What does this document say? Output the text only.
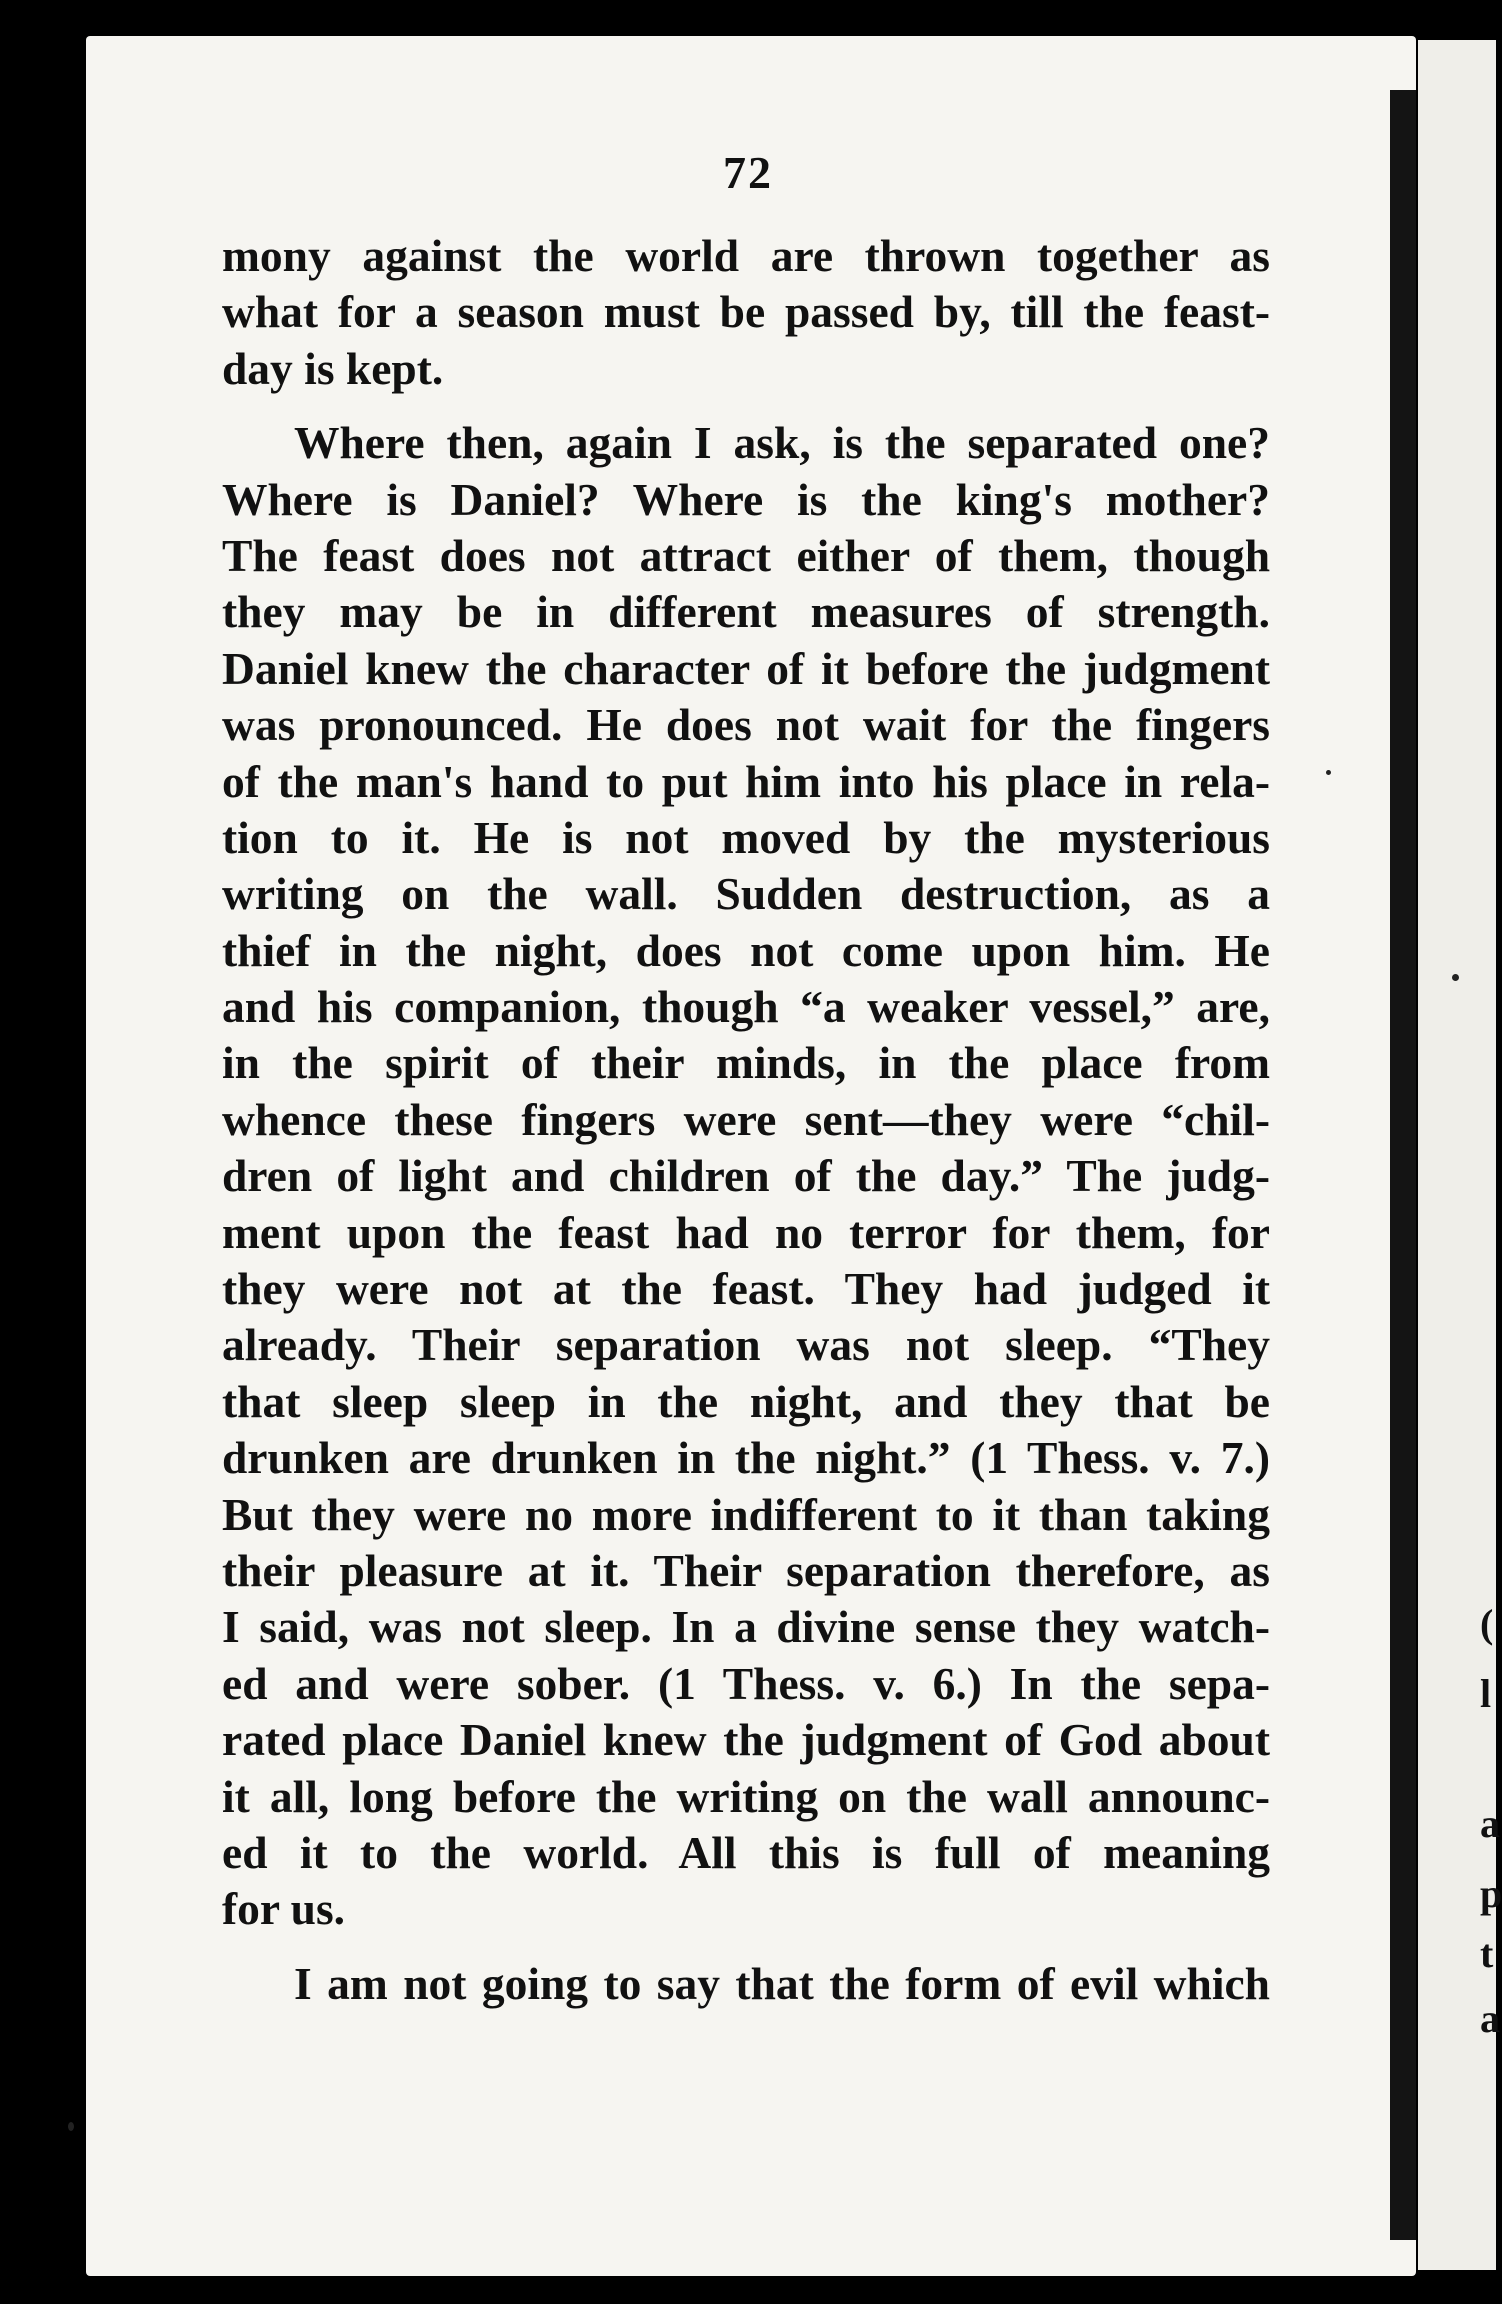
(
l
a
p
t
a
72
mony against the world are thrown together as
what for a season must be passed by, till the feast-
day is kept.
Where then, again I ask, is the separated one?
Where is Daniel? Where is the king's mother?
The feast does not attract either of them, though
they may be in different measures of strength.
Daniel knew the character of it before the judgment
was pronounced. He does not wait for the fingers
of the man's hand to put him into his place in rela-
tion to it. He is not moved by the mysterious
writing on the wall. Sudden destruction, as a
thief in the night, does not come upon him. He
and his companion, though “a weaker vessel,” are,
in the spirit of their minds, in the place from
whence these fingers were sent—they were “chil-
dren of light and children of the day.” The judg-
ment upon the feast had no terror for them, for
they were not at the feast. They had judged it
already. Their separation was not sleep. “They
that sleep sleep in the night, and they that be
drunken are drunken in the night.” (1 Thess. v. 7.)
But they were no more indifferent to it than taking
their pleasure at it. Their separation therefore, as
I said, was not sleep. In a divine sense they watch-
ed and were sober. (1 Thess. v. 6.) In the sepa-
rated place Daniel knew the judgment of God about
it all, long before the writing on the wall announc-
ed it to the world. All this is full of meaning
for us.
I am not going to say that the form of evil which
